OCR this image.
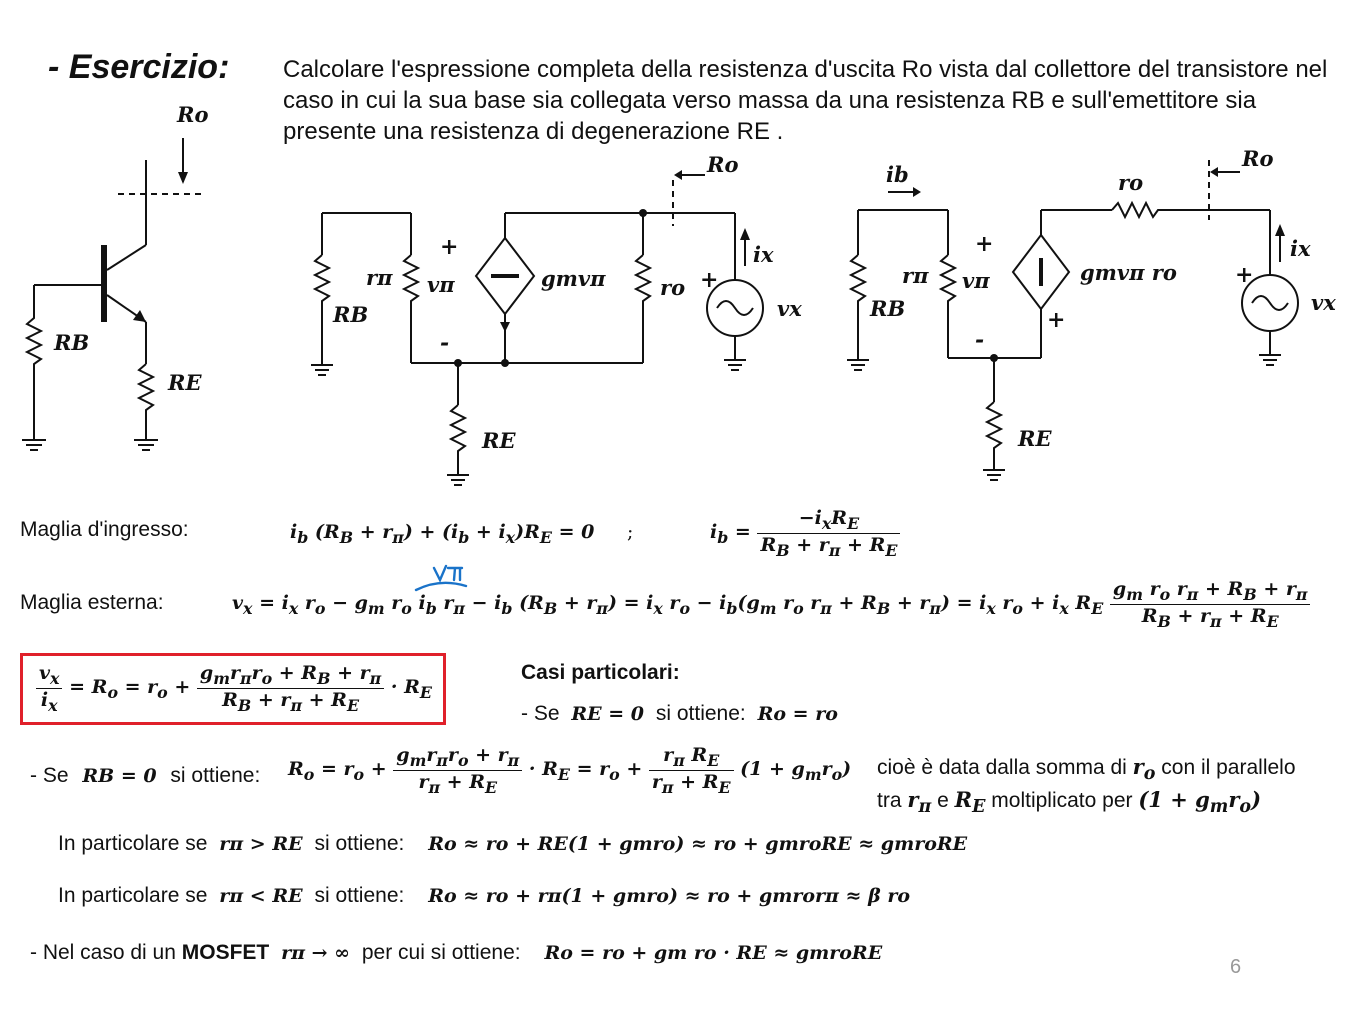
- Esercizio: Calcolare l'espressione completa della resistenza d'uscita Ro vista dal collettore del transistore nel caso in cui la sua base sia collegata verso massa da una resistenza RB e sull'emettitore sia presente una resistenza di degenerazione RE .
Ro
RB
RE
RB
rπ vπ	gmvπ	ro
Ro
ix
vx
RE
ib
rπ vπ
RB
gmvπ ro
ro
Ro
ix
vx
RE
+
-
+
+
-
+
+
Maglia d'ingresso:	$i_b$ $(R_B + r_\pi) + (i_b + i_x)R_E = 0$ ;	$i_b = \frac{-i_xR_E}{R_B + r_\pi + R_E}$
Maglia esterna:	$v_x = i_x$ $r_o - g_m$ $r_o$ $i_b$ $r_\pi - i_b$ $(R_B + r_\pi) = i_x$ $r_o - i_b(g_m$ $r_o$ $r_\pi + R_B + r_\pi) = i_x$ $r_o + i_x$ $R_E \frac{g_m r_o r_\pi + R_B + r_\pi}{R_B + r_\pi + R_E}$
$\frac{v_x}{i_x} = R_o = r_o + \frac{g_mr_\pi r_o + R_B + r_\pi}{R_B + r_\pi + R_E} \cdot R_E$
Casi particolari:
- Se RE = 0 si ottiene: Ro = ro
- Se RB = 0 si ottiene: $R_o = r_o + \frac{g_mr_\pi r_o + r_\pi}{r_\pi + R_E} \cdot R_E = r_o + \frac{r_\pi R_E}{r_\pi + R_E} (1 + g_mr_o)$ cioè è data dalla somma di $r_o$ con il parallelo
tra $r_\pi$ e $R_E$ moltiplicato per $(1 + g_mr_o)$
In particolare se rπ > RE si ottiene: Ro ≈ ro + RE(1 + gmro) ≈ ro + gmroRE ≈ gmroRE
In particolare se rπ < RE si ottiene: Ro ≈ ro + rπ(1 + gmro) ≈ ro + gmrorπ ≈ β ro
- Nel caso di un MOSFET rπ → ∞ per cui si ottiene: Ro = ro + gm ro · RE ≈ gmroRE
6
